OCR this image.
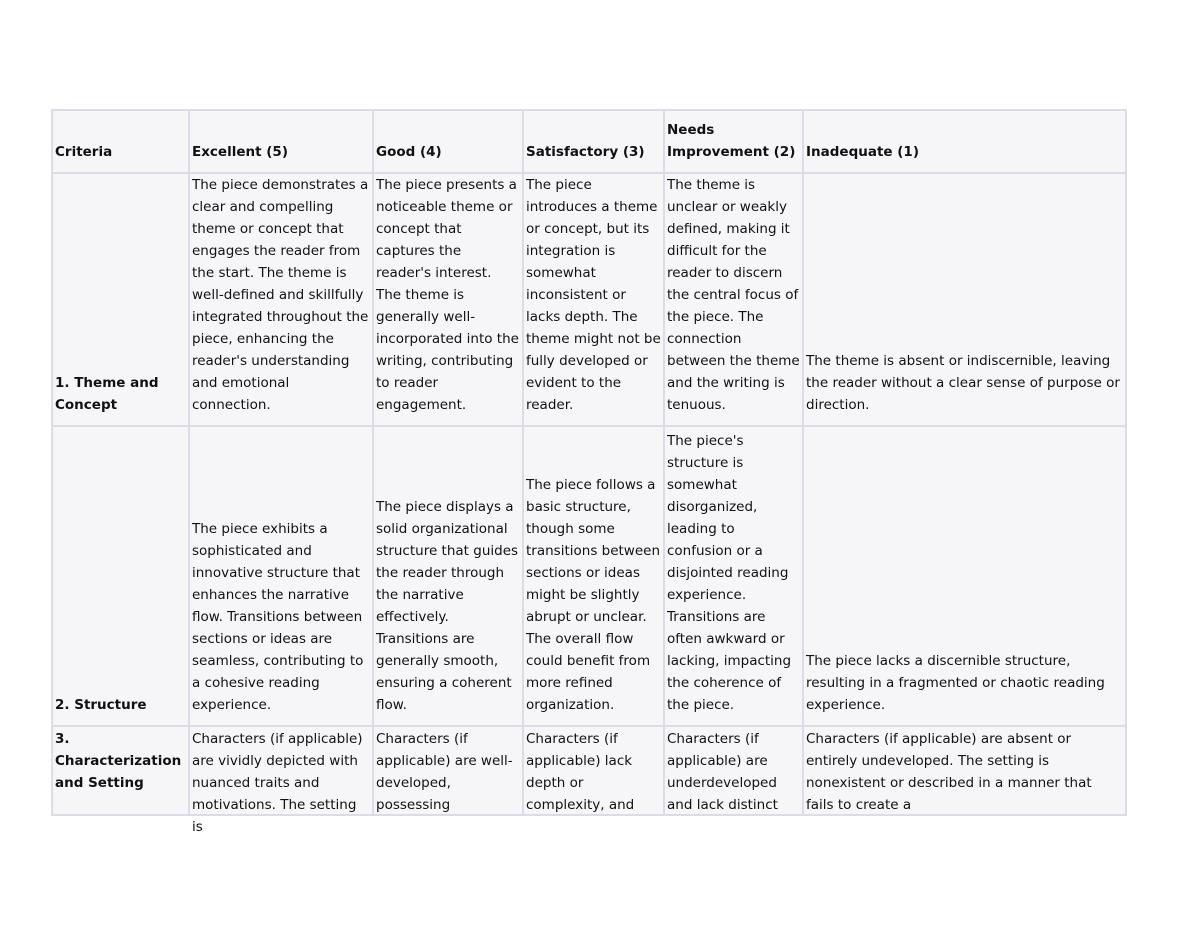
Criteria	Excellent (5)	Good (4)	Satisfactory (3)	Needs Improvement (2)	Inadequate (1)
1. Theme and Concept	The piece demonstrates a clear and compelling theme or concept that engages the reader from the start. The theme is well-defined and skillfully integrated throughout the piece, enhancing the reader's understanding and emotional connection.	The piece presents a noticeable theme or concept that captures the reader's interest. The theme is generally well-incorporated into the writing, contributing to reader engagement.	The piece introduces a theme or concept, but its integration is somewhat inconsistent or lacks depth. The theme might not be fully developed or evident to the reader.	The theme is unclear or weakly defined, making it difficult for the reader to discern the central focus of the piece. The connection between the theme and the writing is tenuous.	The theme is absent or indiscernible, leaving the reader without a clear sense of purpose or direction.
2. Structure	The piece exhibits a sophisticated and innovative structure that enhances the narrative flow. Transitions between sections or ideas are seamless, contributing to a cohesive reading experience.	The piece displays a solid organizational structure that guides the reader through the narrative effectively. Transitions are generally smooth, ensuring a coherent flow.	The piece follows a basic structure, though some transitions between sections or ideas might be slightly abrupt or unclear. The overall flow could benefit from more refined organization.	The piece's structure is somewhat disorganized, leading to confusion or a disjointed reading experience. Transitions are often awkward or lacking, impacting the coherence of the piece.	The piece lacks a discernible structure, resulting in a fragmented or chaotic reading experience.

3. Characterization and Setting	Characters (if applicable) are vividly depicted with nuanced traits and motivations. The setting is	Characters (if applicable) are well-developed, possessing	Characters (if applicable) lack depth or complexity, and	Characters (if applicable) are underdeveloped and lack distinct	Characters (if applicable) are absent or entirely undeveloped. The setting is nonexistent or described in a manner that fails to create a
